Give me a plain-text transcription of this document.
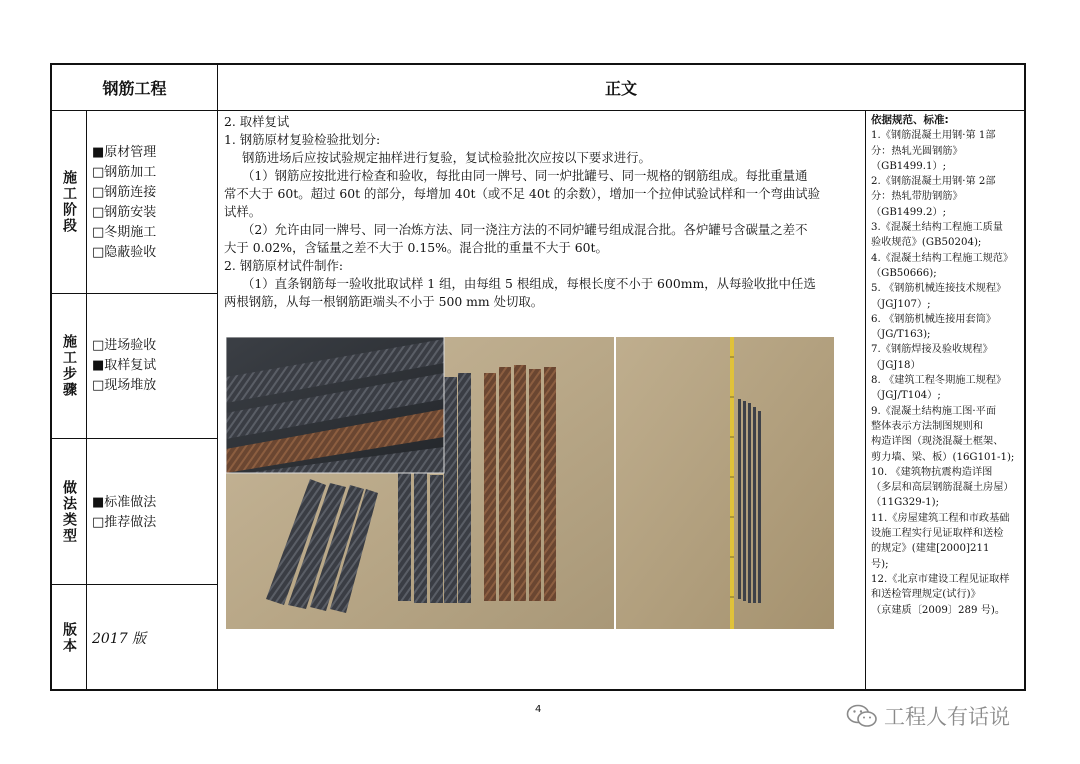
钢筋工程	正文
施工阶段
■原材管理
□钢筋加工
□钢筋连接
□钢筋安装
□冬期施工
□隐蔽验收
施工步骤 □进场验收
■取样复试
□现场堆放
做法类型 ■标准做法
□推荐做法
版本 2017 版

2. 取样复试

1. 钢筋原材复验检验批划分:

钢筋进场后应按试验规定抽样进行复验，复试检验批次应按以下要求进行。

（1）钢筋应按批进行检查和验收，每批由同一牌号、同一炉批罐号、同一规格的钢筋组成。每批重量通

常不大于 60t。超过 60t 的部分，每增加 40t（或不足 40t 的余数），增加一个拉伸试验试样和一个弯曲试验

试样。

（2）允许由同一牌号、同一冶炼方法、同一浇注方法的不同炉罐号组成混合批。各炉罐号含碳量之差不

大于 0.02%，含锰量之差不大于 0.15%。混合批的重量不大于 60t。

2. 钢筋原材试件制作:

（1）直条钢筋每一验收批取试样 1 组，由每组 5 根组成，每根长度不小于 600mm，从每验收批中任选

两根钢筋，从每一根钢筋距端头不小于 500 mm 处切取。

依据规范、标准:

1.《钢筋混凝土用钢·第 1部

分：热轧光圆钢筋》

（GB1499.1）;

2.《钢筋混凝土用钢·第 2部

分：热轧带肋钢筋》

（GB1499.2）;

3.《混凝土结构工程施工质量

验收规范》(GB50204);

4.《混凝土结构工程施工规范》

（GB50666);

5. 《钢筋机械连接技术规程》

（JGJ107）;

6. 《钢筋机械连接用套筒》

（JG/T163);

7.《钢筋焊接及验收规程》

（JGJ18）

8. 《建筑工程冬期施工规程》

（JGJ/T104）;

9.《混凝土结构施工图·平面

整体表示方法制图规则和

构造详图（现浇混凝土框架、

剪力墙、梁、板）(16G101-1);

10. 《建筑物抗震构造详图

（多层和高层钢筋混凝土房屋）

（11G329-1);

11.《房屋建筑工程和市政基础

设施工程实行见证取样和送检

的规定》(建建[2000]211

号);

12.《北京市建设工程见证取样

和送检管理规定(试行)》

（京建质〔2009〕289 号)。

4	工程人有话说
